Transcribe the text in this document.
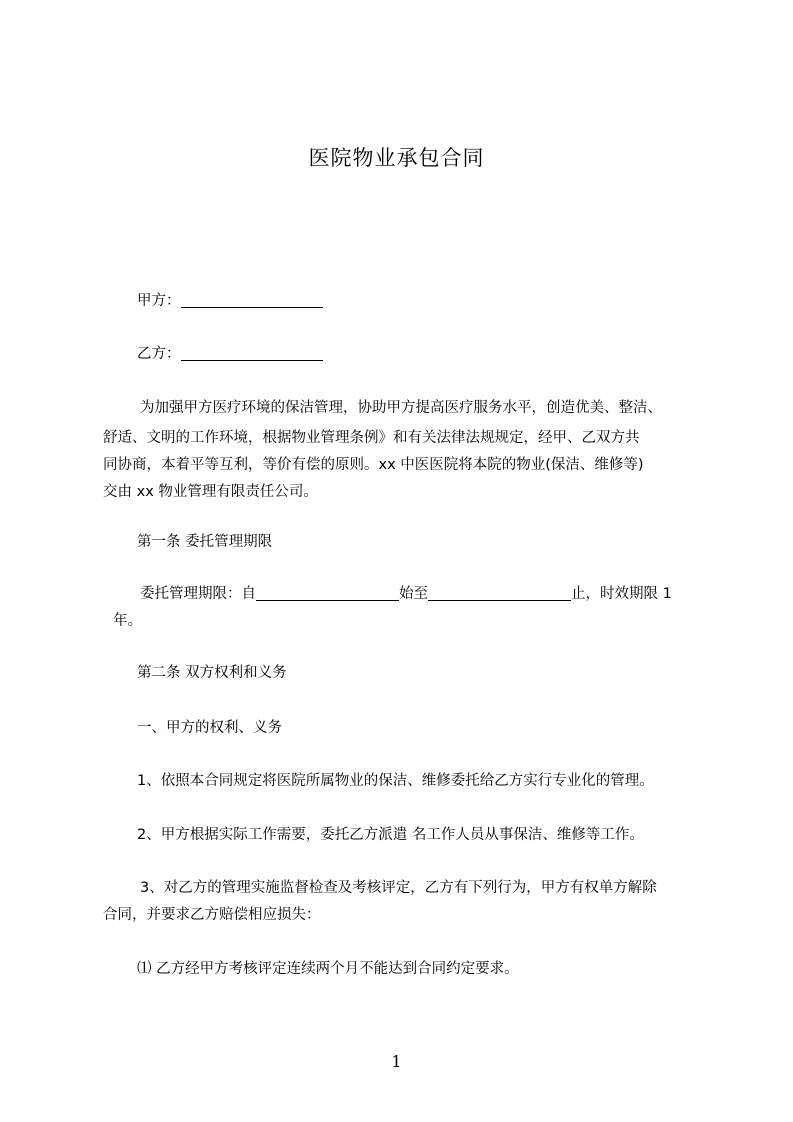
医院物业承包合同

甲方：

乙方：

为加强甲方医疗环境的保洁管理，协助甲方提高医疗服务水平，创造优美、整洁、

舒适、文明的工作环境，根据物业管理条例》和有关法律法规规定，经甲、乙双方共

同协商，本着平等互利，等价有偿的原则。xx 中医医院将本院的物业(保洁、维修等)

交由 xx 物业管理有限责任公司。

第一条 委托管理期限

委托管理期限：自	始至	止，时效期限 1

年。

第二条 双方权利和义务

一、甲方的权利、义务

1、依照本合同规定将医院所属物业的保洁、维修委托给乙方实行专业化的管理。

2、甲方根据实际工作需要，委托乙方派遣 名工作人员从事保洁、维修等工作。

3、对乙方的管理实施监督检查及考核评定，乙方有下列行为，甲方有权单方解除

合同，并要求乙方赔偿相应损失：

⑴ 乙方经甲方考核评定连续两个月不能达到合同约定要求。

1
